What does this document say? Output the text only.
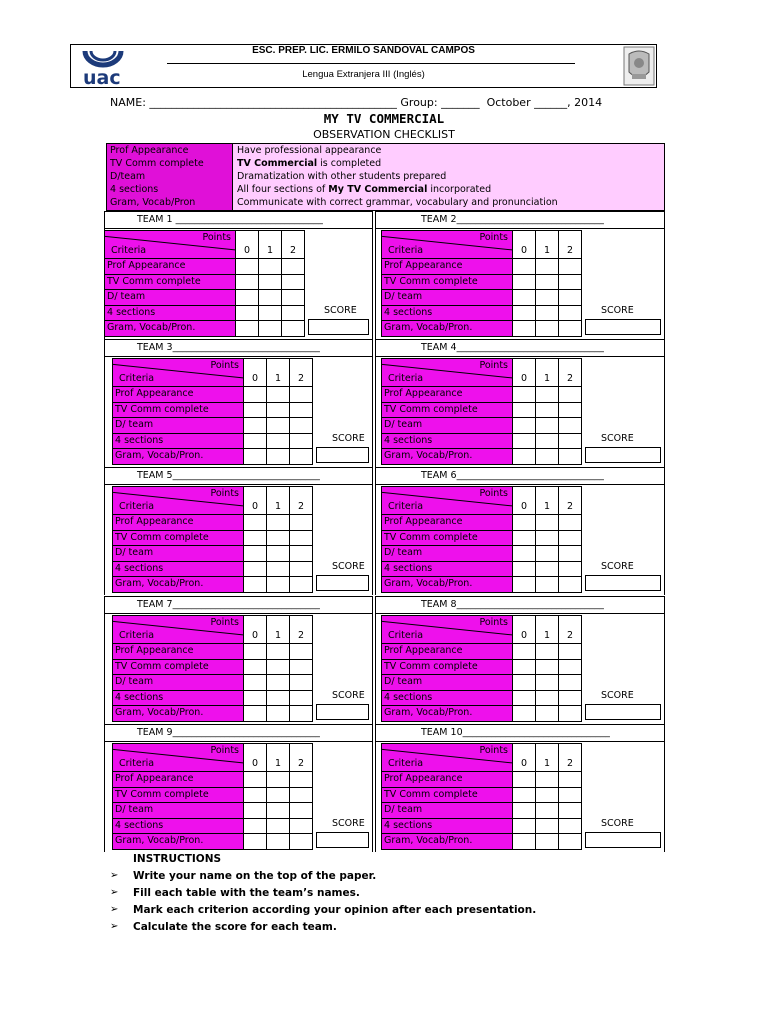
uac
ESC. PREP. LIC. ERMILO SANDOVAL CAMPOS
Lengua Extranjera III (Inglés)
NAME: _____________________________________________ Group: _______  October ______, 2014
MY TV COMMERCIAL
OBSERVATION CHECKLIST
Prof Appearance	Have professional appearance
TV Comm complete	TV Commercial is completed
D/team	Dramatization with other students prepared
4 sections	All four sections of My TV Commercial incorporated
Gram, Vocab/Pron	Communicate with correct grammar, vocabulary and pronunciation
TEAM 1 _______________________________
Points
Criteria	0	1	2
Prof Appearance			
TV Comm complete			
D/ team			
4 sections			
Gram, Vocab/Pron.			
SCORE
TEAM 2_______________________________
Points
Criteria	0	1	2
Prof Appearance			
TV Comm complete			
D/ team			
4 sections			
Gram, Vocab/Pron.			
SCORE
TEAM 3_______________________________
Points
Criteria	0	1	2
Prof Appearance			
TV Comm complete			
D/ team			
4 sections			
Gram, Vocab/Pron.			
SCORE
TEAM 4_______________________________
Points
Criteria	0	1	2
Prof Appearance			
TV Comm complete			
D/ team			
4 sections			
Gram, Vocab/Pron.			
SCORE
TEAM 5_______________________________
Points
Criteria	0	1	2
Prof Appearance			
TV Comm complete			
D/ team			
4 sections			
Gram, Vocab/Pron.			
SCORE
TEAM 6_______________________________
Points
Criteria	0	1	2
Prof Appearance			
TV Comm complete			
D/ team			
4 sections			
Gram, Vocab/Pron.			
SCORE
TEAM 7_______________________________
Points
Criteria	0	1	2
Prof Appearance			
TV Comm complete			
D/ team			
4 sections			
Gram, Vocab/Pron.			
SCORE
TEAM 8_______________________________
Points
Criteria	0	1	2
Prof Appearance			
TV Comm complete			
D/ team			
4 sections			
Gram, Vocab/Pron.			
SCORE
TEAM 9_______________________________
Points
Criteria	0	1	2
Prof Appearance			
TV Comm complete			
D/ team			
4 sections			
Gram, Vocab/Pron.			
SCORE
TEAM 10_______________________________
Points
Criteria	0	1	2
Prof Appearance			
TV Comm complete			
D/ team			
4 sections			
Gram, Vocab/Pron.			
SCORE
INSTRUCTIONS
➢ Write your name on the top of the paper.
➢ Fill each table with the team’s names.
➢ Mark each criterion according your opinion after each presentation.
➢ Calculate the score for each team.
